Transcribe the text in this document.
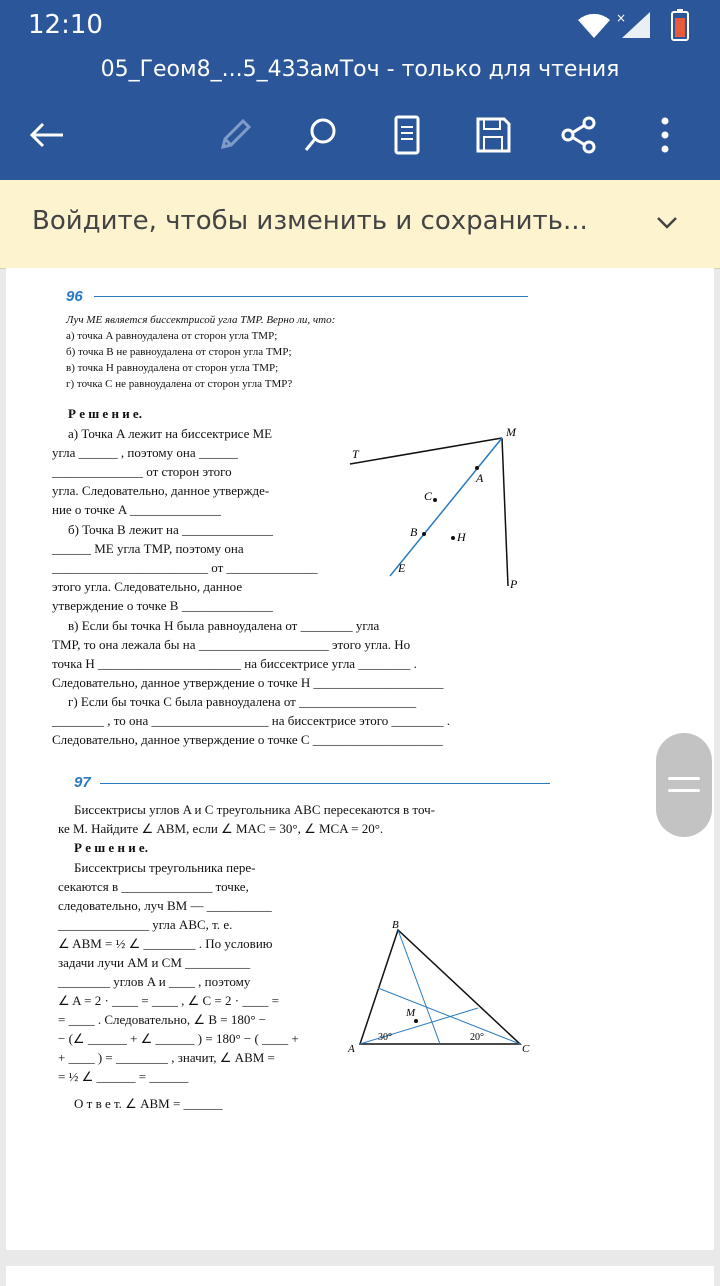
12:10	×
05_Геом8_...5_43ЗамТоч - только для чтения
Войдите, чтобы изменить и сохранить...
96
Луч ME является биссектрисой угла TMP. Верно ли, что:
а) точка A равноудалена от сторон угла TMP;
б) точка B не равноудалена от сторон угла TMP;
в) точка H равноудалена от сторон угла TMP;
г) точка C не равноудалена от сторон угла TMP?
Р е ш е н и е.
а) Точка A лежит на биссектрисе ME
угла ______ , поэтому она ______
______________ от сторон этого
угла. Следовательно, данное утвержде-
ние о точке A ______________
б) Точка B лежит на ______________
______ ME угла TMP, поэтому она
________________________ от ______________
этого угла. Следовательно, данное
утверждение о точке B ______________
в) Если бы точка H была равноудалена от ________ угла
TMP, то она лежала бы на ____________________ этого угла. Но
точка H ______________________ на биссектрисе угла ________ .
Следовательно, данное утверждение о точке H ____________________
г) Если бы точка C была равноудалена от __________________
________ , то она __________________ на биссектрисе этого ________ .
Следовательно, данное утверждение о точке C ____________________
T
M
A
C
B	H
E
P
97
Биссектрисы углов A и C треугольника ABC пересекаются в точ-
ке M. Найдите ∠ ABM, если ∠ MAC = 30°, ∠ MCA = 20°.
Р е ш е н и е.
Биссектрисы треугольника пере-
секаются в ______________ точке,
следовательно, луч BM — __________
______________ угла ABC, т. е.
∠ ABM = ½ ∠ ________ . По условию
задачи лучи AM и CM __________
________ углов A и ____ , поэтому
∠ A = 2 · ____ = ____ , ∠ C = 2 · ____ =
= ____ . Следовательно, ∠ B = 180° −
− (∠ ______ + ∠ ______ ) = 180° − ( ____ +
+ ____ ) = ________ , значит, ∠ ABM =
= ½ ∠ ______ = ______
О т в е т. ∠ ABM = ______
B
A	C
M
30°	20°
